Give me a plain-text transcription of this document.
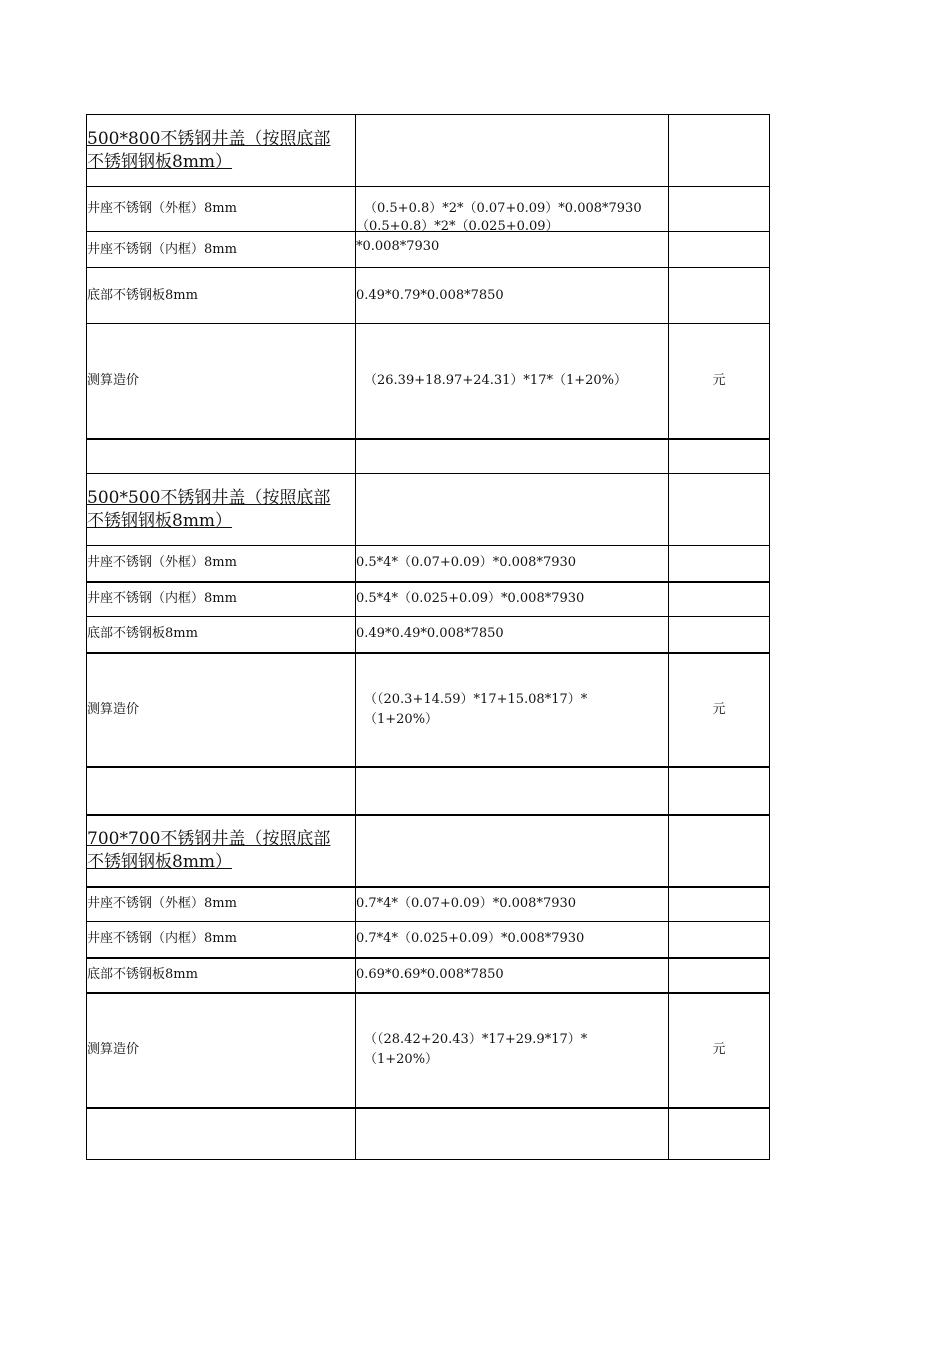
500*800不锈钢井盖（按照底部不锈钢钢板8mm）		

井座不锈钢（外框）8mm	（0.5+0.8）*2*（0.07+0.09）*0.008*7930	
井座不锈钢（内框）8mm	（0.5+0.8）*2*（0.025+0.09）*0.008*7930	

底部不锈钢板8mm	0.49*0.79*0.008*7850	
测算造价	（26.39+18.97+24.31）*17*（1+20%）	元

500*500不锈钢井盖（按照底部不锈钢钢板8mm）		

井座不锈钢（外框）8mm	0.5*4*（0.07+0.09）*0.008*7930	
井座不锈钢（内框）8mm	0.5*4*（0.025+0.09）*0.008*7930	
底部不锈钢板8mm	0.49*0.49*0.008*7850	
测算造价	（（20.3+14.59）*17+15.08*17）*（1+20%）	元

700*700不锈钢井盖（按照底部不锈钢钢板8mm）		

井座不锈钢（外框）8mm	0.7*4*（0.07+0.09）*0.008*7930	
井座不锈钢（内框）8mm	0.7*4*（0.025+0.09）*0.008*7930	
底部不锈钢板8mm	0.69*0.69*0.008*7850	
测算造价	（（28.42+20.43）*17+29.9*17）*（1+20%）	元
